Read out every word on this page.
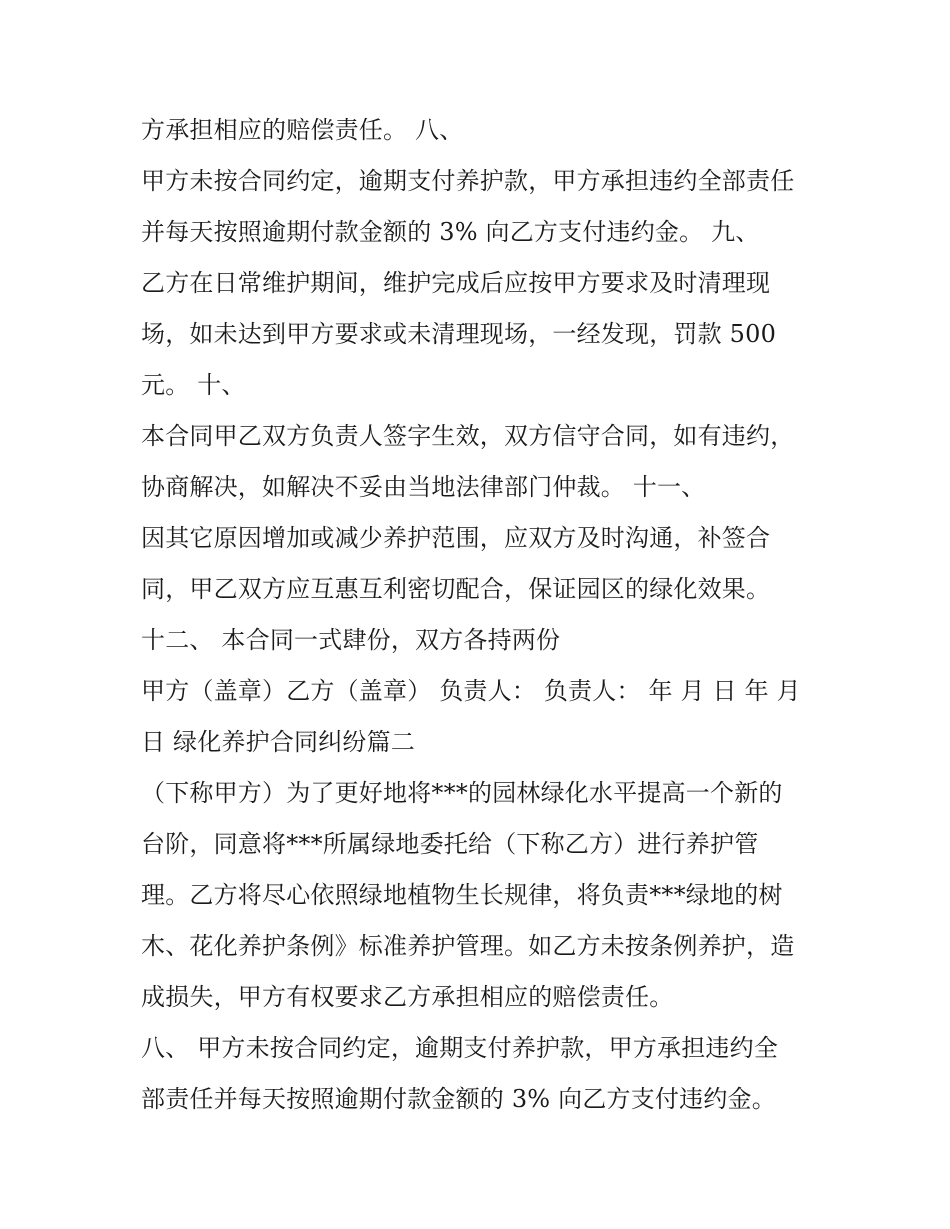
方承担相应的赔偿责任。 八、
甲方未按合同约定，逾期支付养护款，甲方承担违约全部责任
并每天按照逾期付款金额的 3% 向乙方支付违约金。 九、
乙方在日常维护期间，维护完成后应按甲方要求及时清理现
场，如未达到甲方要求或未清理现场，一经发现，罚款 500
元。 十、
本合同甲乙双方负责人签字生效，双方信守合同，如有违约，
协商解决，如解决不妥由当地法律部门仲裁。 十一、
因其它原因增加或减少养护范围，应双方及时沟通，补签合
同，甲乙双方应互惠互利密切配合，保证园区的绿化效果。
十二、 本合同一式肆份，双方各持两份
甲方（盖章）乙方（盖章） 负责人： 负责人： 年 月 日 年 月
日 绿化养护合同纠纷篇二
（下称甲方）为了更好地将***的园林绿化水平提高一个新的
台阶，同意将***所属绿地委托给（下称乙方）进行养护管
理。乙方将尽心依照绿地植物生长规律，将负责***绿地的树
木、花化养护条例》标准养护管理。如乙方未按条例养护，造
成损失，甲方有权要求乙方承担相应的赔偿责任。
八、 甲方未按合同约定，逾期支付养护款，甲方承担违约全
部责任并每天按照逾期付款金额的 3% 向乙方支付违约金。
